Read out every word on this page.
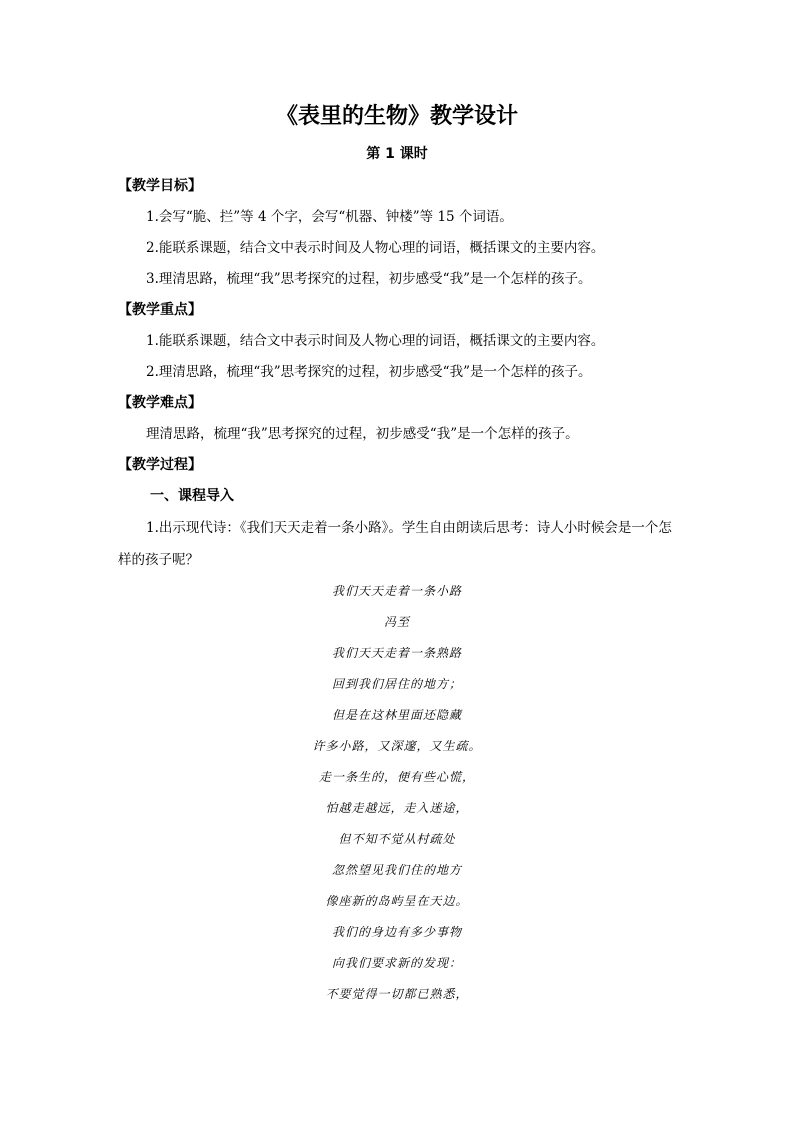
《表里的生物》教学设计
第 1 课时
【教学目标】
1.会写“脆、拦”等 4 个字，会写“机器、钟楼”等 15 个词语。
2.能联系课题，结合文中表示时间及人物心理的词语，概括课文的主要内容。
3.理清思路，梳理“我”思考探究的过程，初步感受“我”是一个怎样的孩子。
【教学重点】
1.能联系课题，结合文中表示时间及人物心理的词语，概括课文的主要内容。
2.理清思路，梳理“我”思考探究的过程，初步感受“我”是一个怎样的孩子。
【教学难点】
理清思路，梳理“我”思考探究的过程，初步感受“我”是一个怎样的孩子。
【教学过程】
一、课程导入
1.出示现代诗：《我们天天走着一条小路》。学生自由朗读后思考：诗人小时候会是一个怎样的孩子呢？
我们天天走着一条小路
冯至
我们天天走着一条熟路
回到我们居住的地方；
但是在这林里面还隐藏
许多小路，又深邃，又生疏。
走一条生的，便有些心慌，
怕越走越远，走入迷途，
但不知不觉从村疏处
忽然望见我们住的地方
像座新的岛屿呈在天边。
我们的身边有多少事物
向我们要求新的发现：
不要觉得一切都已熟悉，
